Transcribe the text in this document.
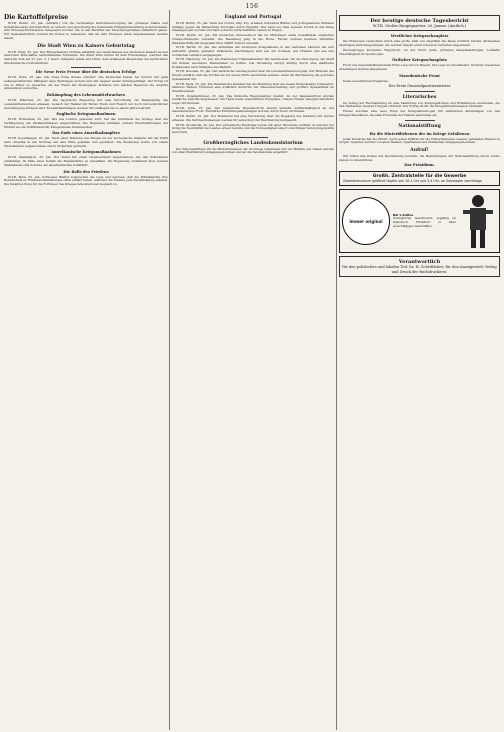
156
Die Kartoffelpreise

W.T.B. Berlin, 25. Jan. (Amtlich.) Um die rechtzeitige Kartoffelversorgung der größeren Städte und Industriebezirke mit Kartoffeln zu sichern und gleichzeitig die kommende Frühjahrsbestellung sicherzustellen, sind Erzeugerhöchstpreise festgesetzt worden, die in den Bezirken der Versorgungsstellen einheitlich gelten. Für Speisekartoffeln wurden die Preise so bemessen, daß sie dem Erzeuger einen angemessenen Gewinn lassen.

Die Stadt Wien zu Kaisers Geburtstag

W.T.B. Wien, 25. Jan. Der Bürgermeister richtete anläßlich des Geburtstages des deutschen Kaisers an den deutschen Botschafter nachstehendes Schreiben: Die Stadt Wien nimmt an dem Freudentage, welchen das deutsche Volk am 27. Jan. d. J. feiert, innigsten Anteil und bittet, dem erhabenen Monarchen die herzlichsten Glückwünsche zu übermitteln.

Die Neue Freie Presse über die deutschen Erfolge

W.T.B. Wien, 25. Jan. Die Neue Freie Presse schreibt: Die Deutschen haben bei Verdun mit ganz außergewöhnlicher Zähigkeit neue Stellungen erobert und den Gegner weiter zurückgedrängt. Der Erfolg ist um so höher zu bewerten, als der Feind mit überlegener Artillerie und starken Reserven die Angriffe abzuwehren versuchte.

Bekämpfung des Lebensmittelwuchers

W.T.B. München, 25. Jan. Die bayerische Regierung hat eine Verordnung zur Bekämpfung des Lebensmittelwuchers erlassen, wonach der Handel mit Butter, Eiern und Fleisch nur noch mit behördlicher Genehmigung erfolgen darf. Zuwiderhandlungen werden mit Gefängnis bis zu einem Jahre bestraft.

Englische Kriegsmaßnahmen

W.T.B. Rotterdam, 25. Jan. Wie aus London gemeldet wird, hat das Unterhaus die Vorlage über die Verlängerung der Parlamentsdauer angenommen. Die Regierung kündigte weitere Einschränkungen der Einfuhr an, um Schiffsraum für Kriegszwecke freizumachen.

Das Ende eines Amerikadampfers

W.T.B. Kopenhagen, 25. Jan. Nach einer Meldung aus Bergen ist der norwegische Dampfer auf der Fahrt nach Amerika in der Nordsee auf eine Mine gelaufen und gesunken. Die Besatzung wurde von einem Fischdampfer aufgenommen und in Sicherheit gebracht.

Amerikanische Kriegsmaßnahmen

W.T.B. Washington, 25. Jan. Der Senat hat einen Gesetzentwurf angenommen, der den Präsidenten ermächtigt, im Falle einer Gefahr die Handelsflotte zu bewaffnen. Die Regierung verhandelt über weitere Maßnahmen zum Schutze der amerikanischen Schiffahrt.

Die Rolle des Friedens

W.T.B. Bern, 25. Jan. Schweizer Blätter besprechen die Lage und betonen, daß die Mittelmächte ihre Bereitschaft zu Friedensverhandlungen offen erklärt haben, während die Entente jede Verständigung ablehnt. Die Verantwortung für die Fortdauer des Krieges falle allein den Gegnern zu.

England und Portugal

W.T.B. Berlin, 25. Jan. Nach der Nordd. Allg. Ztg. erheben Schweizer Blätter und portugiesische Stimmen Anklage gegen die Behandlung Portugals durch England. Das Land sei ohne eigenen Vorteil in den Krieg hineingezogen worden und habe schwere wirtschaftliche Lasten zu tragen.

W.T.B. Berlin, 25. Jan. Ein deutsches Unterseeboot hat im Mittelmeer einen bewaffneten englischen Transportdampfer versenkt. Die Besatzung ging in die Boote. Ferner wurden mehrere feindliche Handelsschiffe mit insgesamt über 20000 Tonnen versenkt.

W.T.B. Berlin, 25. Jan. Die Aufnahme der deutschen Kriegsanleihe in den neutralen Ländern hat sich weiterhin günstig gestaltet. Zahlreiche Zeichnungen sind aus der Schweiz, aus Holland und aus den nordischen Ländern eingegangen.

W.T.B. Hamburg, 25. Jan. Die Hamburger Handelskammer hat beschlossen, für die Versorgung der Stadt mit Kohlen besondere Maßnahmen zu treffen. Die Verteilung erfolgt künftig durch eine städtische Kohlenstelle nach Maßgabe des Bedarfs.

W.T.B. Dresden, 25. Jan. Der sächsische Landtag beriet über die Lebensmittelversorgung. Der Minister des Innern erklärte, daß die Vorräte bis zur neuen Ernte ausreichen werden, wenn die Bevölkerung die gebotene Sparsamkeit übt.

W.T.B. Paris, 25. Jan. Die französische Kammer hat die Beratung über die neuen Kriegskredite fortgesetzt. Mehrere Redner forderten eine schärfere Kontrolle der Heeresverwaltung und größere Sparsamkeit im Staatshaushalt.

W.T.B. Konstantinopel, 25. Jan. Das türkische Hauptquartier meldet: An der Kaukasusfront wurden feindliche Angriffe abgewiesen. Am Tigris keine wesentlichen Ereignisse. Unsere Flieger belegten feindliche Lager mit Bomben.

W.T.B. Sofia, 25. Jan. Der bulgarische Heeresbericht meldet lebhafte Artillerietätigkeit an der mazedonischen Front. Feindliche Erkundungsabteilungen wurden durch Feuer vertrieben.

W.T.B. Berlin, 25. Jan. Der Bundesrat hat eine Verordnung über die Regelung des Verkehrs mit Zucker erlassen. Die Verbrauchsmengen werden für jeden Kopf der Bevölkerung festgesetzt.

W.T.B. Stockholm, 25. Jan. Der schwedische Reichstag wurde mit einer Thronrede eröffnet, in welcher der König die Neutralität des Landes erneut betonte und die Notwendigkeit einer vorsichtigen Versorgungspolitik hervorhob.

Großherzogliches Landeskonsistorium

Die Nationalstiftung für die Hinterbliebenen der im Kriege Gefallenen ruft zur Mithilfe auf. Gaben werden von allen Pfarrämtern entgegengenommen und an die Sammelstelle abgeführt.

Der heutige deutsche Tagesbericht
W.T.B. Großes Hauptquartier, 26. Januar. (Amtlich.)
Westlicher Kriegsschauplatz

Die Franzosen versuchten durch eine große Zahl von Angriffen die ihnen nördlich Verdun entrissenen Stellungen zurückzugewinnen. Sie wurden überall unter schweren Verlusten abgewiesen.

Heeresgruppe Kronprinz Rupprecht: An der Front keine größeren Kampfhandlungen. Lebhafte Feuertätigkeit im Ypernbogen.

Östlicher Kriegsschauplatz

Front des Generalfeldmarschalls Prinz Leopold von Bayern: Die Lage ist unverändert. Vorstöße russischer Abteilungen wurden abgewiesen.

Mazedonische Front

Keine wesentlichen Ereignisse.

Der Erste Generalquartiermeister
Literarisches

Im Verlag der Buchhandlung ist eine Sammlung von Kriegsgedichten und Erzählungen erschienen, die den Heldenmut unserer Truppen schildert. Der Ertrag ist für die Kriegshinterbliebenen bestimmt.

Ferner erschien eine neue Folge der Kriegsbilderbogen mit zahlreichen Abbildungen von den Kriegsschauplätzen, die allen Freunden der Heimat empfohlen sei.

Nationalstiftung
für die Hinterbliebenen der im Kriege Gefallenen

Jeder Deutsche hat die Pflicht, nach seinen Kräften für die Hinterbliebenen unserer gefallenen Helden zu sorgen. Spenden werden von allen Banken, Sparkassen und Zahlstellen entgegengenommen.

Aufruf!

Wir bitten alle Kreise der Bevölkerung herzlich, die Bestrebungen der Nationalstiftung durch reiche Gaben zu unterstützen.

Das Präsidium.
Großh. Zentralstelle für die Gewerbe
Gewerbemuseum geöffnet täglich von 10-1 Uhr und 3-4 Uhr, an Sonntagen vormittags.
Immer original
Bär's Kaffee
Vorzüglicher Geschmack, ergiebig im Gebrauch. Erhältlich in allen einschlägigen Geschäften.
Verantwortlich
für den politischen und lokalen Teil: Dr. H. Schriftleiter; für den Anzeigenteil: Verlag und Druck der Buchdruckerei.
